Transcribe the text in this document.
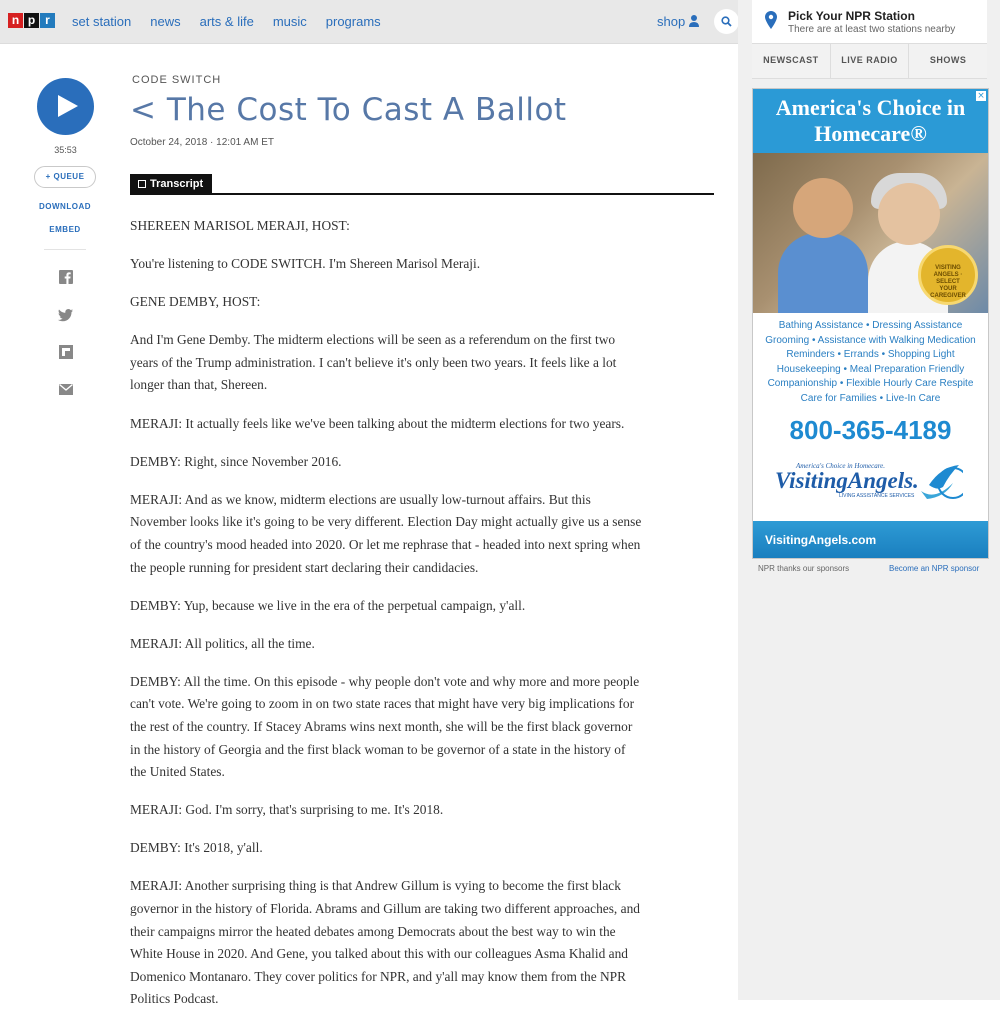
n p r	set station news arts & life music programs	shop	Pick Your NPR Station
There are at least two stations nearby
NEWSCAST	LIVE RADIO	SHOWS
America's Choice in Homecare®
×
VISITING ANGELS · SELECT YOUR CAREGIVER
Bathing Assistance • Dressing Assistance Grooming • Assistance with Walking Medication Reminders • Errands • Shopping Light Housekeeping • Meal Preparation Friendly Companionship • Flexible Hourly Care Respite Care for Families • Live-In Care
800-365-4189
America's Choice in Homecare.
VisitingAngels.
LIVING ASSISTANCE SERVICES
VisitingAngels.com
NPR thanks our sponsors	Become an NPR sponsor
35:53
+ QUEUE
DOWNLOAD
EMBED
CODE SWITCH
< The Cost To Cast A Ballot
October 24, 2018 · 12:01 AM ET
Transcript

SHEREEN MARISOL MERAJI, HOST:

You're listening to CODE SWITCH. I'm Shereen Marisol Meraji.

GENE DEMBY, HOST:

And I'm Gene Demby. The midterm elections will be seen as a referendum on the first two years of the Trump administration. I can't believe it's only been two years. It feels like a lot longer than that, Shereen.

MERAJI: It actually feels like we've been talking about the midterm elections for two years.

DEMBY: Right, since November 2016.

MERAJI: And as we know, midterm elections are usually low-turnout affairs. But this November looks like it's going to be very different. Election Day might actually give us a sense of the country's mood headed into 2020. Or let me rephrase that - headed into next spring when the people running for president start declaring their candidacies.

DEMBY: Yup, because we live in the era of the perpetual campaign, y'all.

MERAJI: All politics, all the time.

DEMBY: All the time. On this episode - why people don't vote and why more and more people can't vote. We're going to zoom in on two state races that might have very big implications for the rest of the country. If Stacey Abrams wins next month, she will be the first black governor in the history of Georgia and the first black woman to be governor of a state in the history of the United States.

MERAJI: God. I'm sorry, that's surprising to me. It's 2018.

DEMBY: It's 2018, y'all.

MERAJI: Another surprising thing is that Andrew Gillum is vying to become the first black governor in the history of Florida. Abrams and Gillum are taking two different approaches, and their campaigns mirror the heated debates among Democrats about the best way to win the White House in 2020. And Gene, you talked about this with our colleagues Asma Khalid and Domenico Montanaro. They cover politics for NPR, and y'all may know them from the NPR Politics Podcast.
